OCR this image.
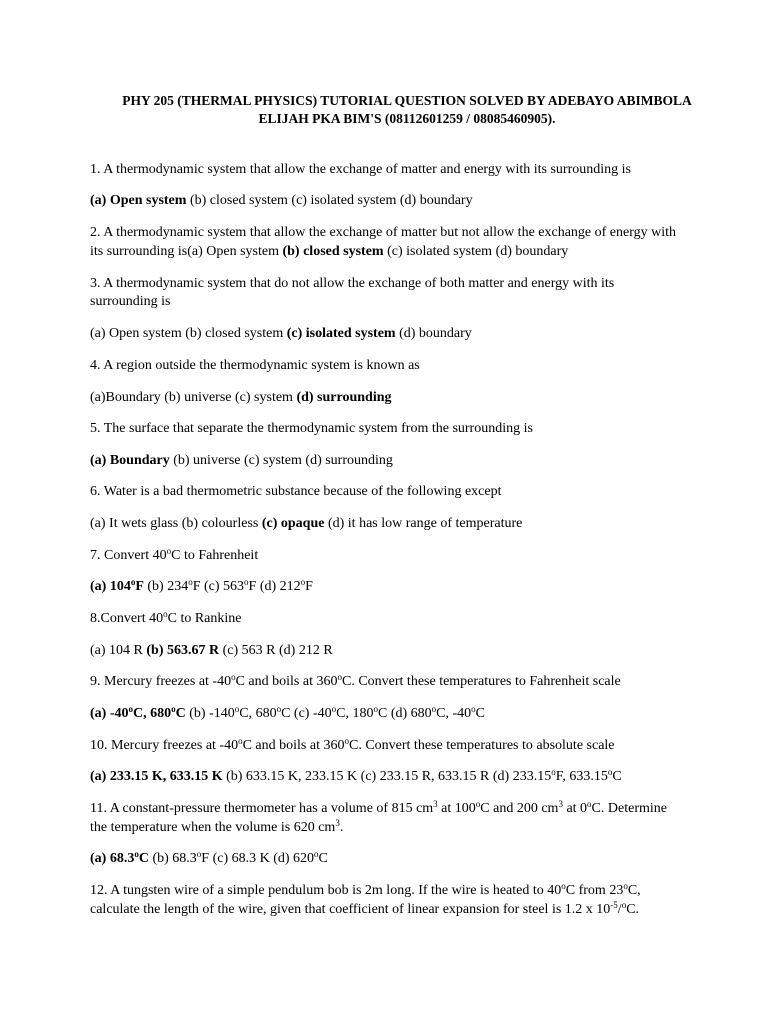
PHY 205 (THERMAL PHYSICS) TUTORIAL QUESTION SOLVED BY ADEBAYO ABIMBOLA
ELIJAH PKA BIM'S (08112601259 / 08085460905).
1. A thermodynamic system that allow the exchange of matter and energy with its surrounding is
(a) Open system (b) closed system (c) isolated system (d) boundary
2. A thermodynamic system that allow the exchange of matter but not allow the exchange of energy with
its surrounding is(a) Open system (b) closed system (c) isolated system (d) boundary
3. A thermodynamic system that do not allow the exchange of both matter and energy with its surrounding is
(a) Open system (b) closed system (c) isolated system (d) boundary
4. A region outside the thermodynamic system is known as
(a)Boundary (b) universe (c) system (d) surrounding
5. The surface that separate the thermodynamic system from the surrounding is
(a) Boundary (b) universe (c) system (d) surrounding
6. Water is a bad thermometric substance because of the following except
(a) It wets glass (b) colourless (c) opaque (d) it has low range of temperature
7. Convert 40$^o$C to Fahrenheit
(a) 104$^o$F (b) 234$^o$F (c) 563$^o$F (d) 212$^o$F
8.Convert 40$^o$C to Rankine
(a) 104 R (b) 563.67 R (c) 563 R (d) 212 R
9. Mercury freezes at -40$^o$C and boils at 360$^o$C. Convert these temperatures to Fahrenheit scale
(a) -40$^o$C, 680$^o$C (b) -140$^o$C, 680$^o$C (c) -40$^o$C, 180$^o$C (d) 680$^o$C, -40$^o$C
10. Mercury freezes at -40$^o$C and boils at 360$^o$C. Convert these temperatures to absolute scale
(a) 233.15 K, 633.15 K (b) 633.15 K, 233.15 K (c) 233.15 R, 633.15 R (d) 233.15$^o$F, 633.15$^o$C
11. A constant-pressure thermometer has a volume of 815 $cm^3$ at 100$^o$C and 200 $cm^3$ at 0$^o$C. Determine
the temperature when the volume is 620 $cm^3$.
(a) 68.3$^o$C (b) 68.3$^o$F (c) 68.3 K (d) 620$^o$C
12. A tungsten wire of a simple pendulum bob is 2m long. If the wire is heated to 40$^o$C from 23$^o$C,
calculate the length of the wire, given that coefficient of linear expansion for steel is 1.2 x $10^{-5}/^oC$.
